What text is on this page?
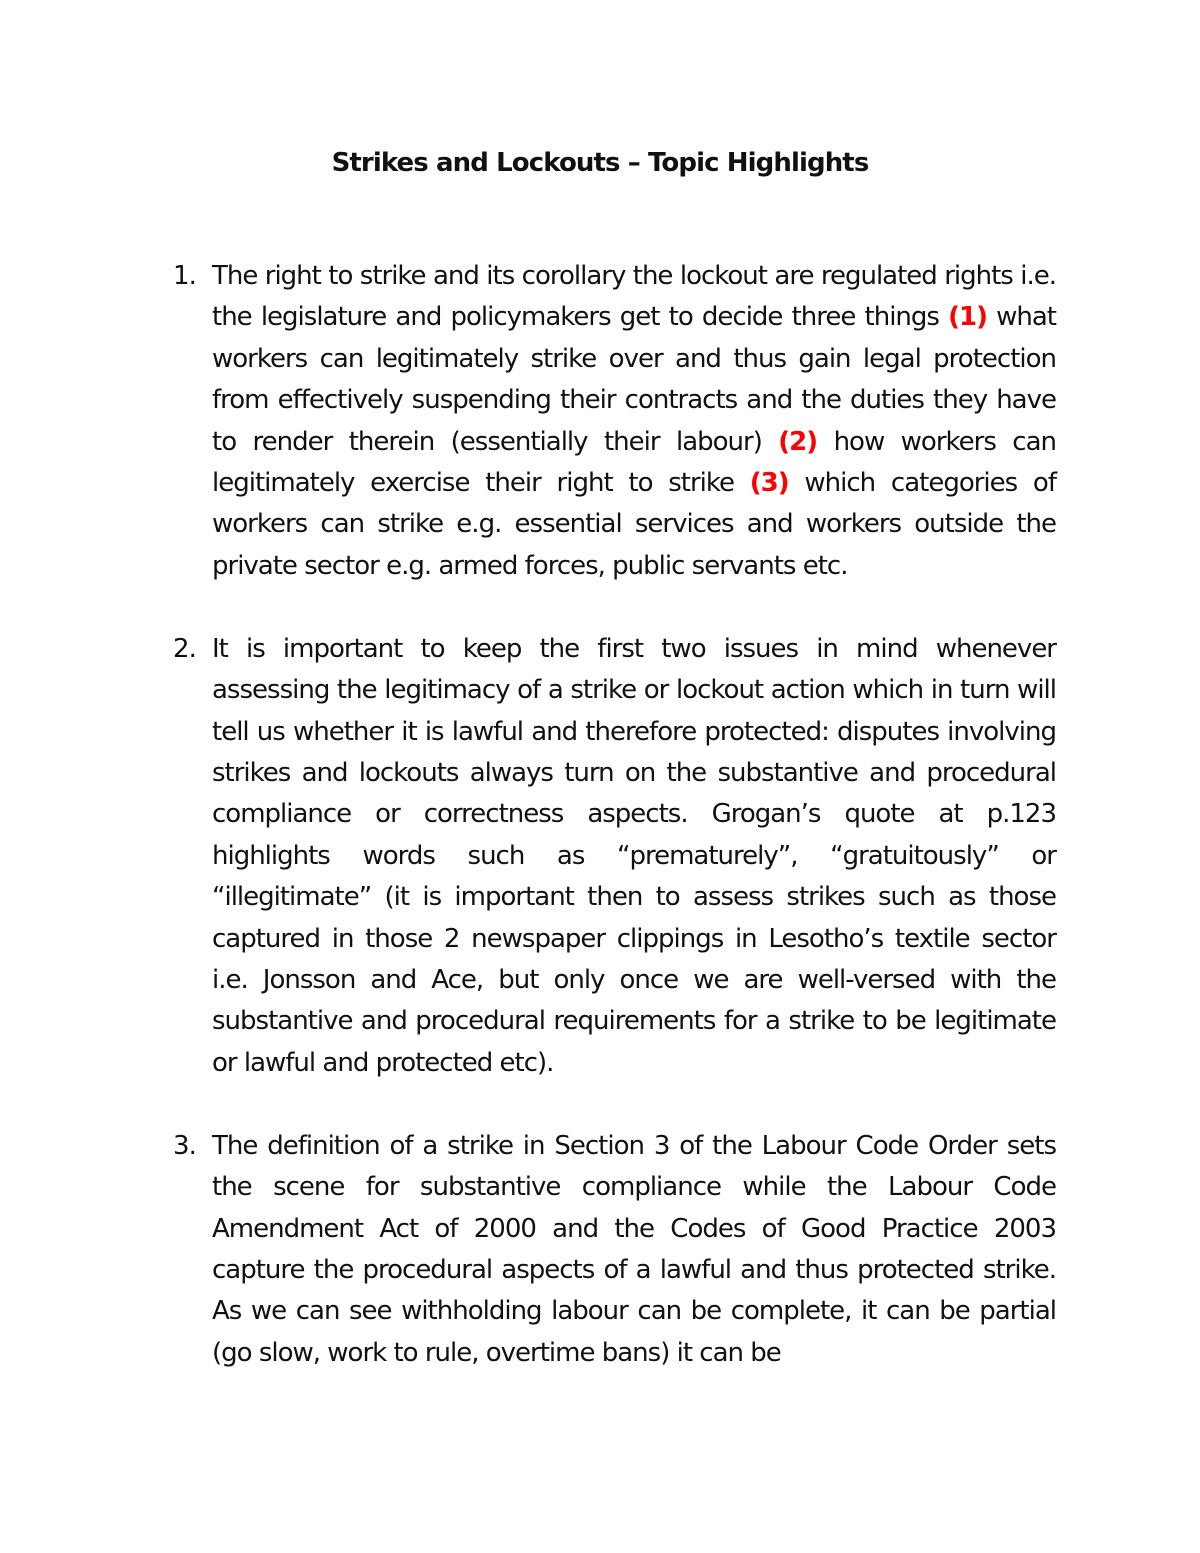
Strikes and Lockouts – Topic Highlights
1. The right to strike and its corollary the lockout are regulated rights i.e. the legislature and policymakers get to decide three things (1) what workers can legitimately strike over and thus gain legal protection from effectively suspending their contracts and the duties they have to render therein (essentially their labour) (2) how workers can legitimately exercise their right to strike (3) which categories of workers can strike e.g. essential services and workers outside the private sector e.g. armed forces, public servants etc.
2. It is important to keep the first two issues in mind whenever assessing the legitimacy of a strike or lockout action which in turn will tell us whether it is lawful and therefore protected: disputes involving strikes and lockouts always turn on the substantive and procedural compliance or correctness aspects. Grogan’s quote at p.123 highlights words such as “prematurely”, “gratuitously” or “illegitimate” (it is important then to assess strikes such as those captured in those 2 newspaper clippings in Lesotho’s textile sector i.e. Jonsson and Ace, but only once we are well-versed with the substantive and procedural requirements for a strike to be legitimate or lawful and protected etc).
3. The definition of a strike in Section 3 of the Labour Code Order sets the scene for substantive compliance while the Labour Code Amendment Act of 2000 and the Codes of Good Practice 2003 capture the procedural aspects of a lawful and thus protected strike. As we can see withholding labour can be complete, it can be partial (go slow, work to rule, overtime bans) it can be
